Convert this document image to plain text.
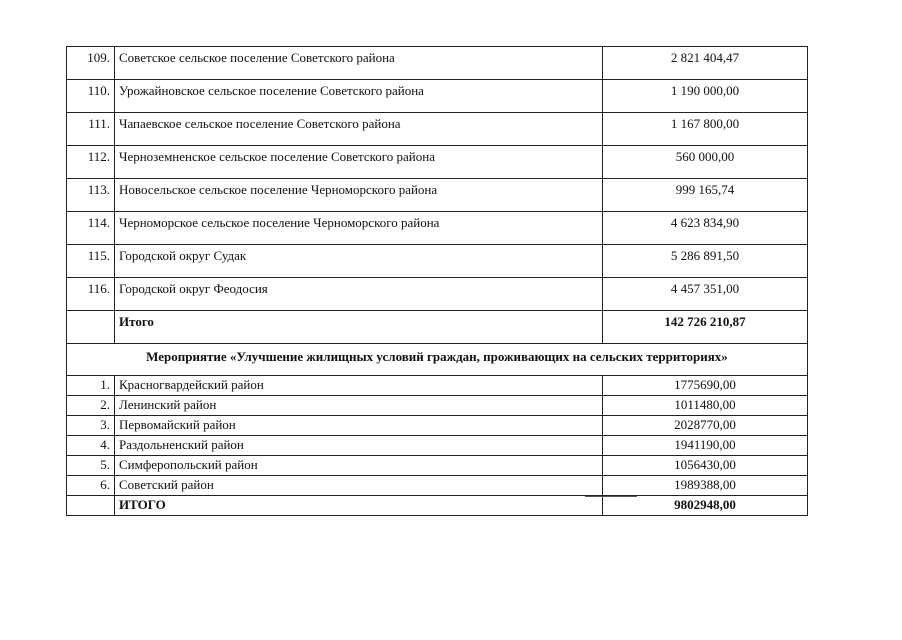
109.	Советское сельское поселение Советского района	2 821 404,47
110.	Урожайновское сельское поселение Советского района	1 190 000,00
111.	Чапаевское сельское поселение Советского района	1 167 800,00
112.	Черноземненское сельское поселение Советского района	560 000,00
113.	Новосельское сельское поселение Черноморского района	999 165,74
114.	Черноморское сельское поселение Черноморского района	4 623 834,90
115.	Городской округ Судак	5 286 891,50
116.	Городской округ Феодосия	4 457 351,00
	Итого	142 726 210,87
Мероприятие «Улучшение жилищных условий граждан, проживающих на сельских территориях»		
1.	Красногвардейский район	1775690,00
2.	Ленинский район	1011480,00
3.	Первомайский район	2028770,00
4.	Раздольненский район	1941190,00
5.	Симферопольский район	1056430,00
6.	Советский район	1989388,00
	ИТОГО	9802948,00
